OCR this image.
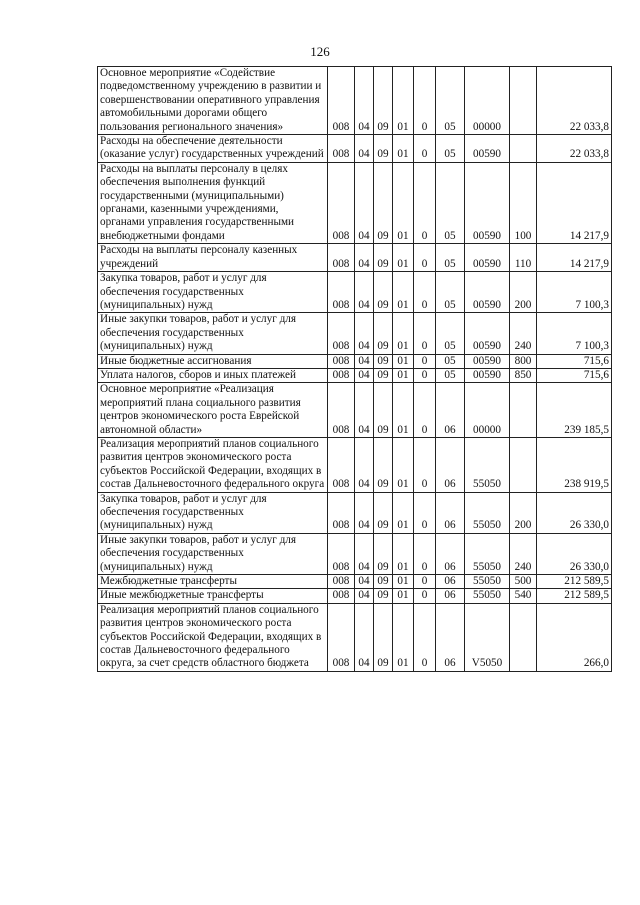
126
Основное мероприятие «Содействие подведомственному учреждению в развитии и совершенствовании оперативного управления автомобильными дорогами общего пользования регионального значения»	008	04	09	01	0	05	00000		22 033,8
Расходы на обеспечение деятельности (оказание услуг) государственных учреждений	008	04	09	01	0	05	00590		22 033,8
Расходы на выплаты персоналу в целях обеспечения выполнения функций государственными (муниципальными) органами, казенными учреждениями, органами управления государственными внебюджетными фондами	008	04	09	01	0	05	00590	100	14 217,9
Расходы на выплаты персоналу казенных учреждений	008	04	09	01	0	05	00590	110	14 217,9
Закупка товаров, работ и услуг для обеспечения государственных (муниципальных) нужд	008	04	09	01	0	05	00590	200	7 100,3
Иные закупки товаров, работ и услуг для обеспечения государственных (муниципальных) нужд	008	04	09	01	0	05	00590	240	7 100,3
Иные бюджетные ассигнования	008	04	09	01	0	05	00590	800	715,6
Уплата налогов, сборов и иных платежей	008	04	09	01	0	05	00590	850	715,6
Основное мероприятие «Реализация мероприятий плана социального развития центров экономического роста Еврейской автономной области»	008	04	09	01	0	06	00000		239 185,5
Реализация мероприятий планов социального развития центров экономического роста субъектов Российской Федерации, входящих в состав Дальневосточного федерального округа	008	04	09	01	0	06	55050		238 919,5
Закупка товаров, работ и услуг для обеспечения государственных (муниципальных) нужд	008	04	09	01	0	06	55050	200	26 330,0
Иные закупки товаров, работ и услуг для обеспечения государственных (муниципальных) нужд	008	04	09	01	0	06	55050	240	26 330,0
Межбюджетные трансферты	008	04	09	01	0	06	55050	500	212 589,5
Иные межбюджетные трансферты	008	04	09	01	0	06	55050	540	212 589,5
Реализация мероприятий планов социального развития центров экономического роста субъектов Российской Федерации, входящих в состав Дальневосточного федерального округа, за счет средств областного бюджета	008	04	09	01	0	06	V5050		266,0
